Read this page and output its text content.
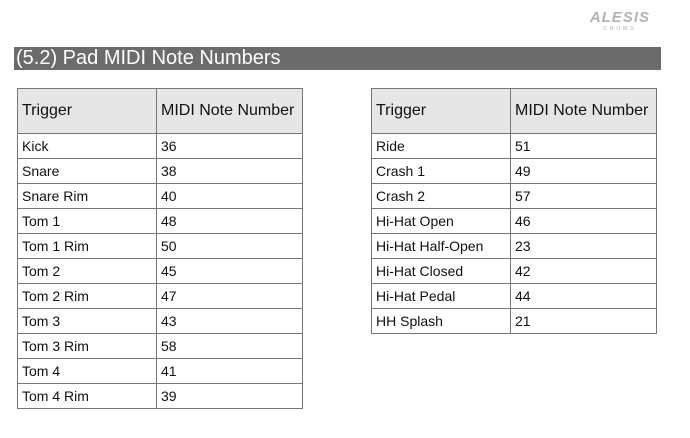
ALESIS
DRUMS
(5.2) Pad MIDI Note Numbers
Trigger	MIDI Note Number
Kick	36
Snare	38
Snare Rim	40
Tom 1	48
Tom 1 Rim	50
Tom 2	45
Tom 2 Rim	47
Tom 3	43
Tom 3 Rim	58
Tom 4	41
Tom 4 Rim	39
Trigger	MIDI Note Number
Ride	51
Crash 1	49
Crash 2	57
Hi-Hat Open	46
Hi-Hat Half-Open	23
Hi-Hat Closed	42
Hi-Hat Pedal	44
HH Splash	21
